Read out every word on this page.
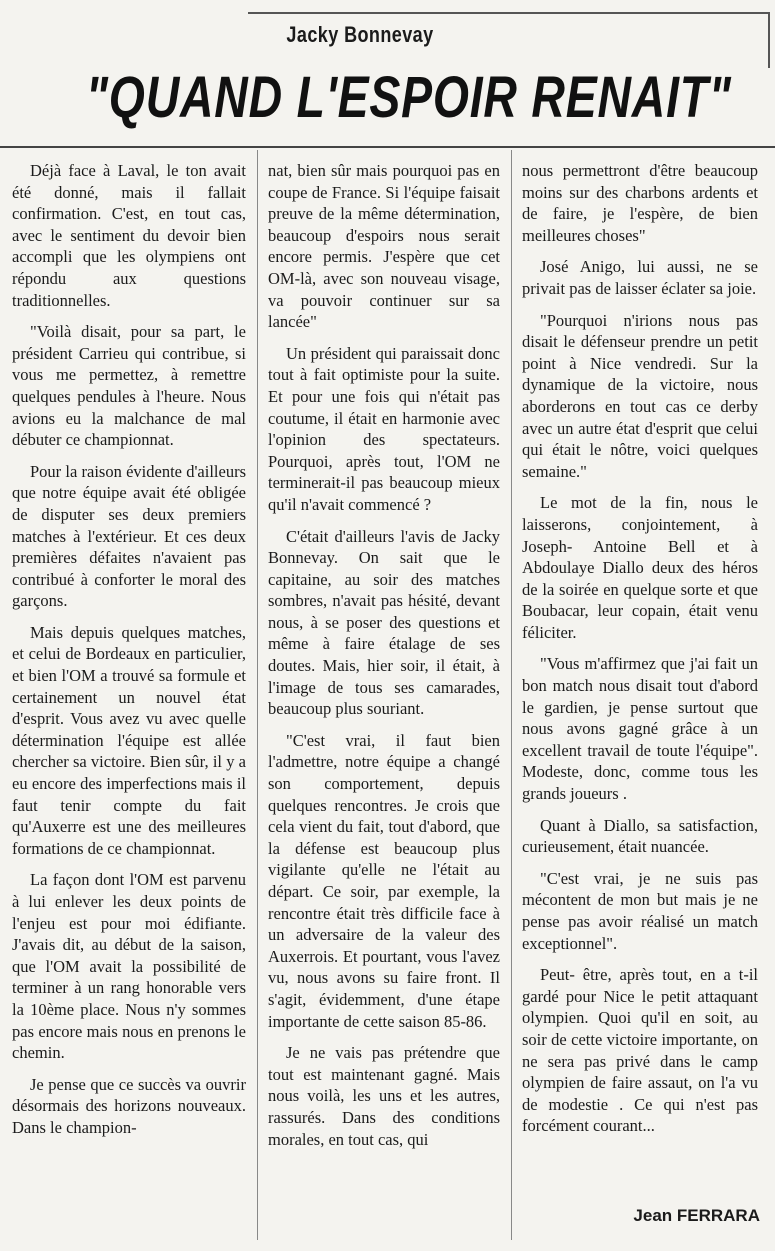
Jacky Bonnevay
"QUAND L'ESPOIR RENAIT"

Déjà face à Laval, le ton avait été donné, mais il fallait confirmation. C'est, en tout cas, avec le sentiment du devoir bien accompli que les olympiens ont répondu aux questions traditionnelles.

"Voilà disait, pour sa part, le président Carrieu qui contribue, si vous me permettez, à remettre quelques pendules à l'heure. Nous avions eu la malchance de mal débuter ce championnat.

Pour la raison évidente d'ailleurs que notre équipe avait été obligée de disputer ses deux premiers matches à l'extérieur. Et ces deux premières défaites n'avaient pas contribué à conforter le moral des garçons.

Mais depuis quelques matches, et celui de Bordeaux en particulier, et bien l'OM a trouvé sa formule et certainement un nouvel état d'esprit. Vous avez vu avec quelle détermination l'équipe est allée chercher sa victoire. Bien sûr, il y a eu encore des imperfections mais il faut tenir compte du fait qu'Auxerre est une des meilleures formations de ce championnat.

La façon dont l'OM est parvenu à lui enlever les deux points de l'enjeu est pour moi édifiante. J'avais dit, au début de la saison, que l'OM avait la possibilité de terminer à un rang honorable vers la 10ème place. Nous n'y sommes pas encore mais nous en prenons le chemin.

Je pense que ce succès va ouvrir désormais des horizons nouveaux. Dans le champion-

nat, bien sûr mais pourquoi pas en coupe de France. Si l'équipe faisait preuve de la même détermination, beaucoup d'espoirs nous serait encore permis. J'espère que cet OM-là, avec son nouveau visage, va pouvoir continuer sur sa lancée"

Un président qui paraissait donc tout à fait optimiste pour la suite. Et pour une fois qui n'était pas coutume, il était en harmonie avec l'opinion des spectateurs. Pourquoi, après tout, l'OM ne terminerait-il pas beaucoup mieux qu'il n'avait commencé ?

C'était d'ailleurs l'avis de Jacky Bonnevay. On sait que le capitaine, au soir des matches sombres, n'avait pas hésité, devant nous, à se poser des questions et même à faire étalage de ses doutes. Mais, hier soir, il était, à l'image de tous ses camarades, beaucoup plus souriant.

"C'est vrai, il faut bien l'admettre, notre équipe a changé son comportement, depuis quelques rencontres. Je crois que cela vient du fait, tout d'abord, que la défense est beaucoup plus vigilante qu'elle ne l'était au départ. Ce soir, par exemple, la rencontre était très difficile face à un adversaire de la valeur des Auxerrois. Et pourtant, vous l'avez vu, nous avons su faire front. Il s'agit, évidemment, d'une étape importante de cette saison 85-86.

Je ne vais pas prétendre que tout est maintenant gagné. Mais nous voilà, les uns et les autres, rassurés. Dans des conditions morales, en tout cas, qui

nous permettront d'être beaucoup moins sur des charbons ardents et de faire, je l'espère, de bien meilleures choses"

José Anigo, lui aussi, ne se privait pas de laisser éclater sa joie.

"Pourquoi n'irions nous pas disait le défenseur prendre un petit point à Nice vendredi. Sur la dynamique de la victoire, nous aborderons en tout cas ce derby avec un autre état d'esprit que celui qui était le nôtre, voici quelques semaine."

Le mot de la fin, nous le laisserons, conjointement, à Joseph- Antoine Bell et à Abdoulaye Diallo deux des héros de la soirée en quelque sorte et que Boubacar, leur copain, était venu féliciter.

"Vous m'affirmez que j'ai fait un bon match nous disait tout d'abord le gardien, je pense surtout que nous avons gagné grâce à un excellent travail de toute l'équipe". Modeste, donc, comme tous les grands joueurs .

Quant à Diallo, sa satisfaction, curieusement, était nuancée.

"C'est vrai, je ne suis pas mécontent de mon but mais je ne pense pas avoir réalisé un match exceptionnel".

Peut- être, après tout, en a t-il gardé pour Nice le petit attaquant olympien. Quoi qu'il en soit, au soir de cette victoire importante, on ne sera pas privé dans le camp olympien de faire assaut, on l'a vu de modestie . Ce qui n'est pas forcément courant...

Jean FERRARA
